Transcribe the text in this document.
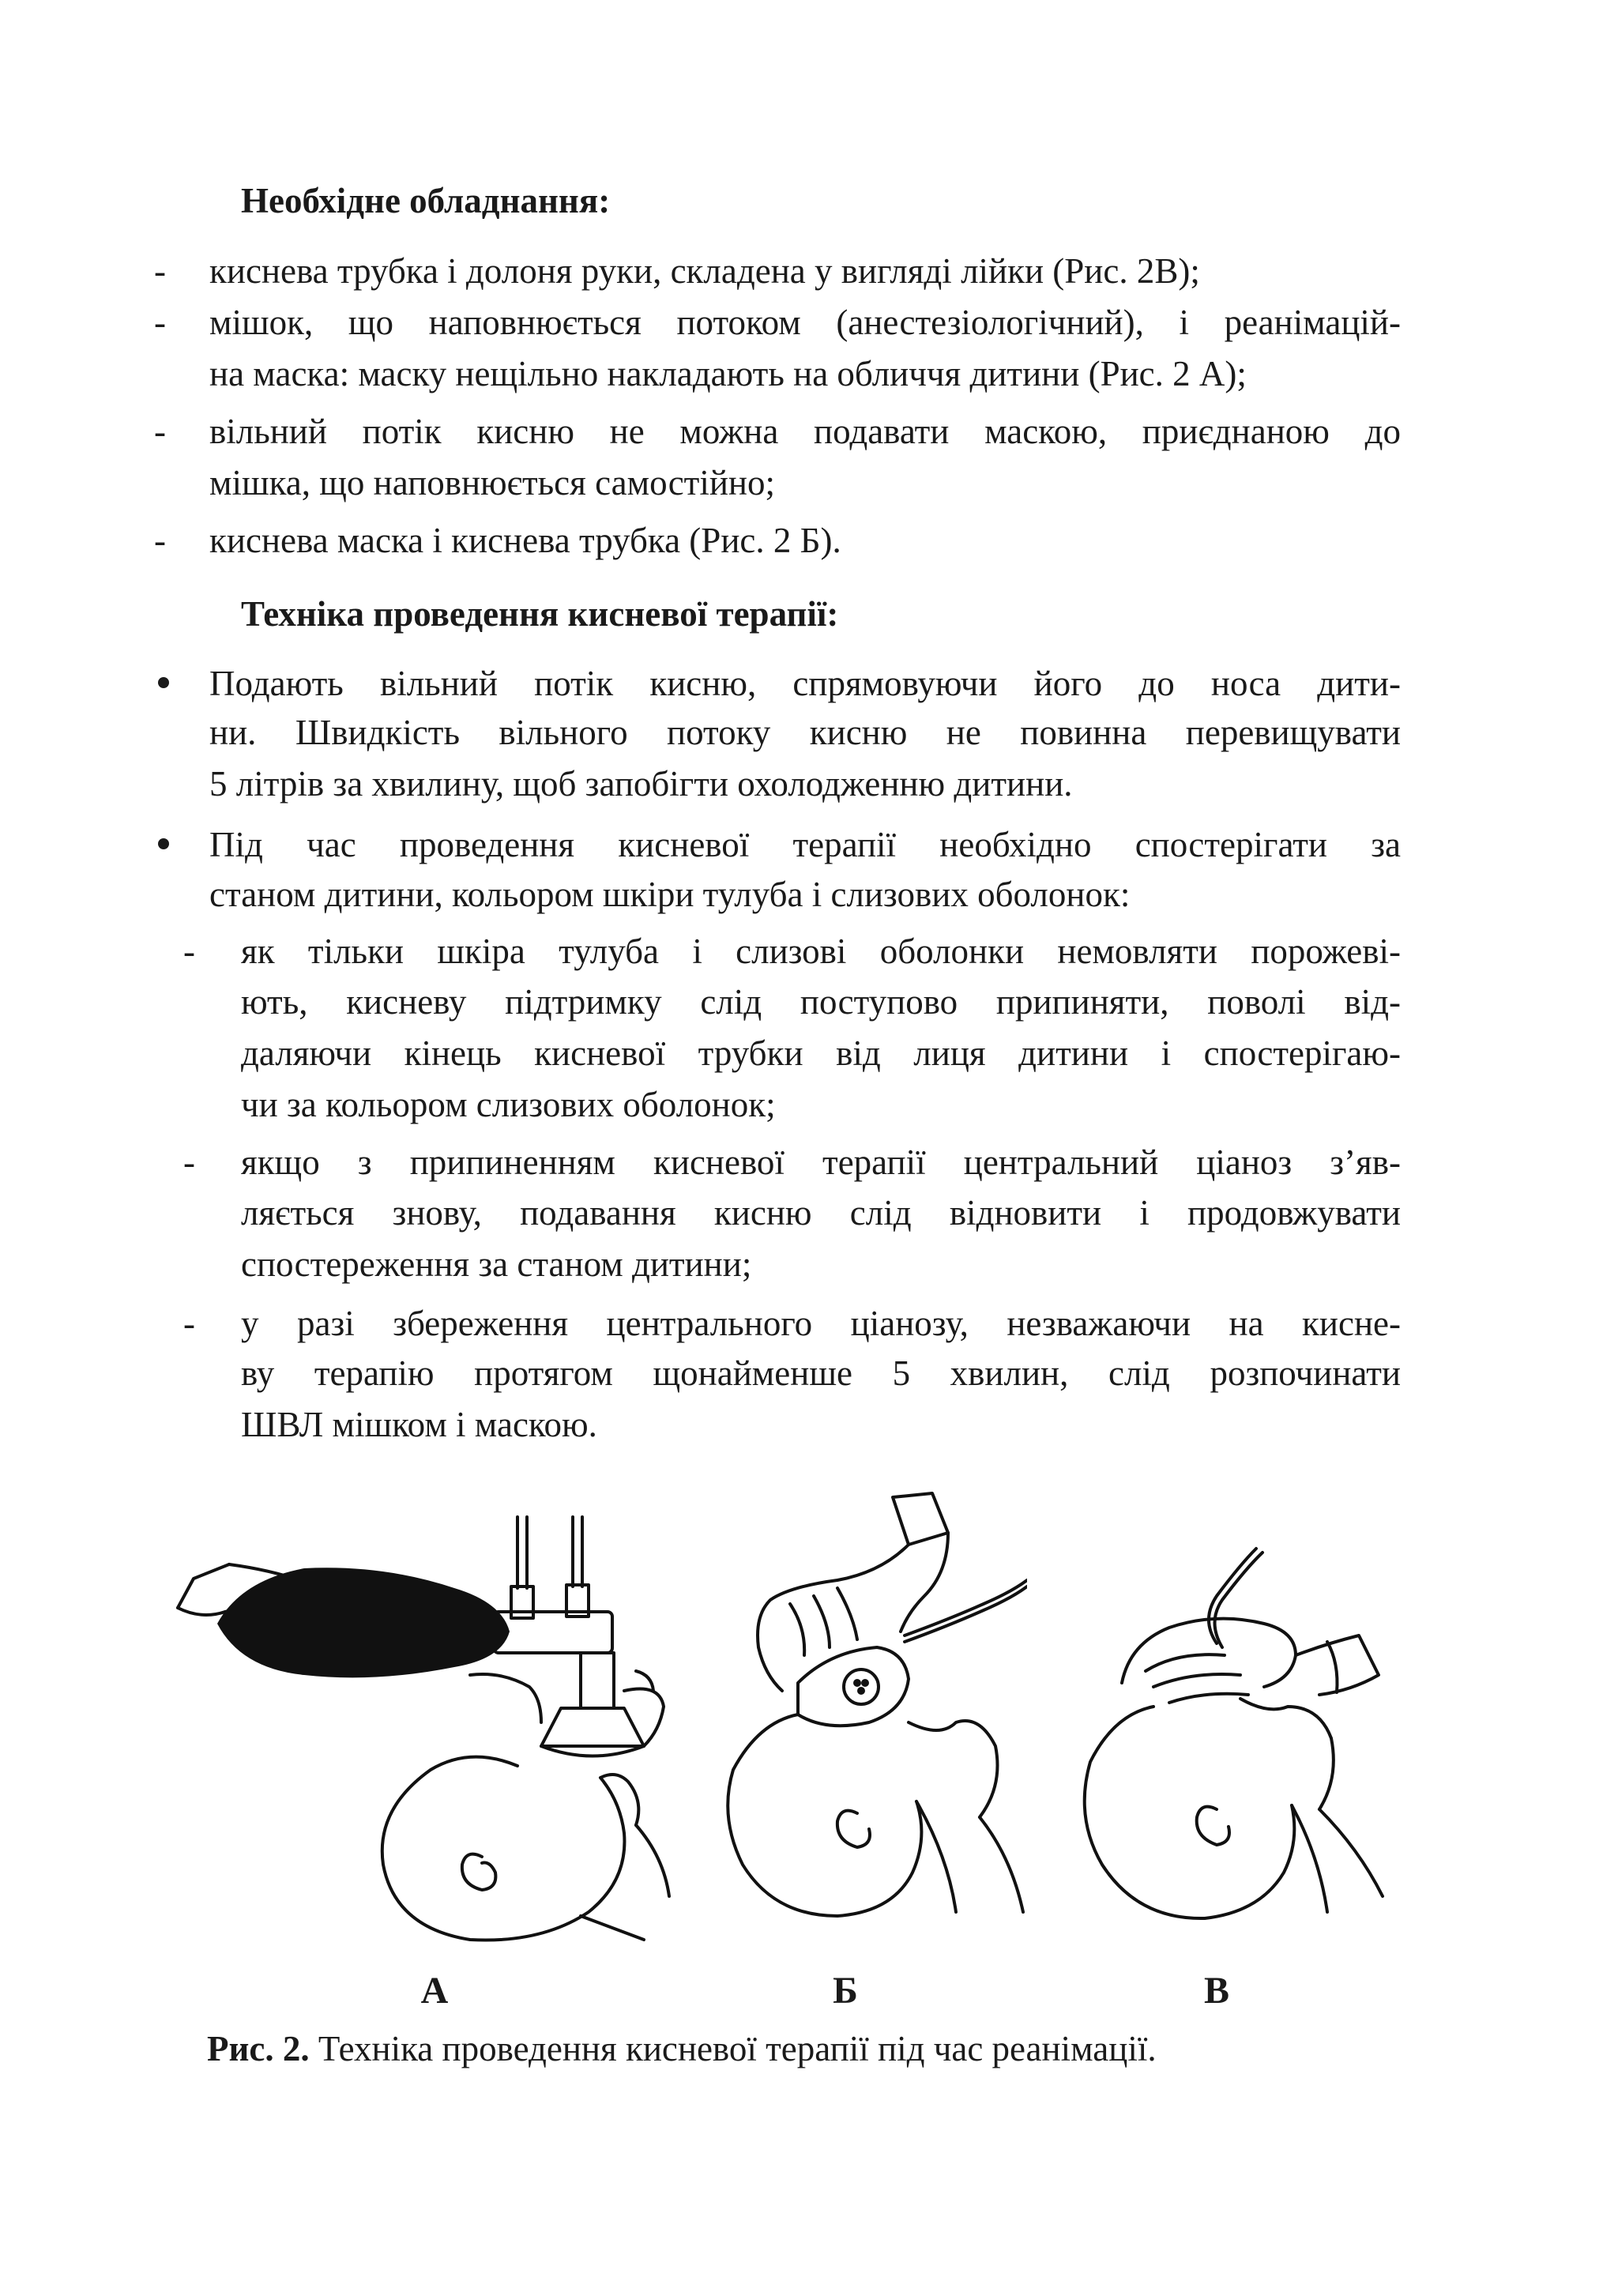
Необхідне обладнання:
- киснева трубка і долоня руки, складена у вигляді лійки (Рис. 2В);
- мішок, що наповнюється потоком (анестезіологічний), і реанімацій-
на маска: маску нещільно накладають на обличчя дитини (Рис. 2 А);
- вільний потік кисню не можна подавати маскою, приєднаною до
мішка, що наповнюється самостійно;
- киснева маска і киснева трубка (Рис. 2 Б).
Техніка проведення кисневої терапії:
Подають вільний потік кисню, спрямовуючи його до носа дити-
ни. Швидкість вільного потоку кисню не повинна перевищувати
5 літрів за хвилину, щоб запобігти охолодженню дитини.
Під час проведення кисневої терапії необхідно спостерігати за
станом дитини, кольором шкіри тулуба і слизових оболонок:
- як тільки шкіра тулуба і слизові оболонки немовляти порожеві-
ють, кисневу підтримку слід поступово припиняти, поволі від-
даляючи кінець кисневої трубки від лиця дитини і спостерігаю-
чи за кольором слизових оболонок;
- якщо з припиненням кисневої терапії центральний ціаноз з’яв-
ляється знову, подавання кисню слід відновити і продовжувати
спостереження за станом дитини;
- у разі збереження центрального ціанозу, незважаючи на кисне-
ву терапію протягом щонайменше 5 хвилин, слід розпочинати
ШВЛ мішком і маскою.
А	Б	В
Рис. 2. Техніка проведення кисневої терапії під час реанімації.
